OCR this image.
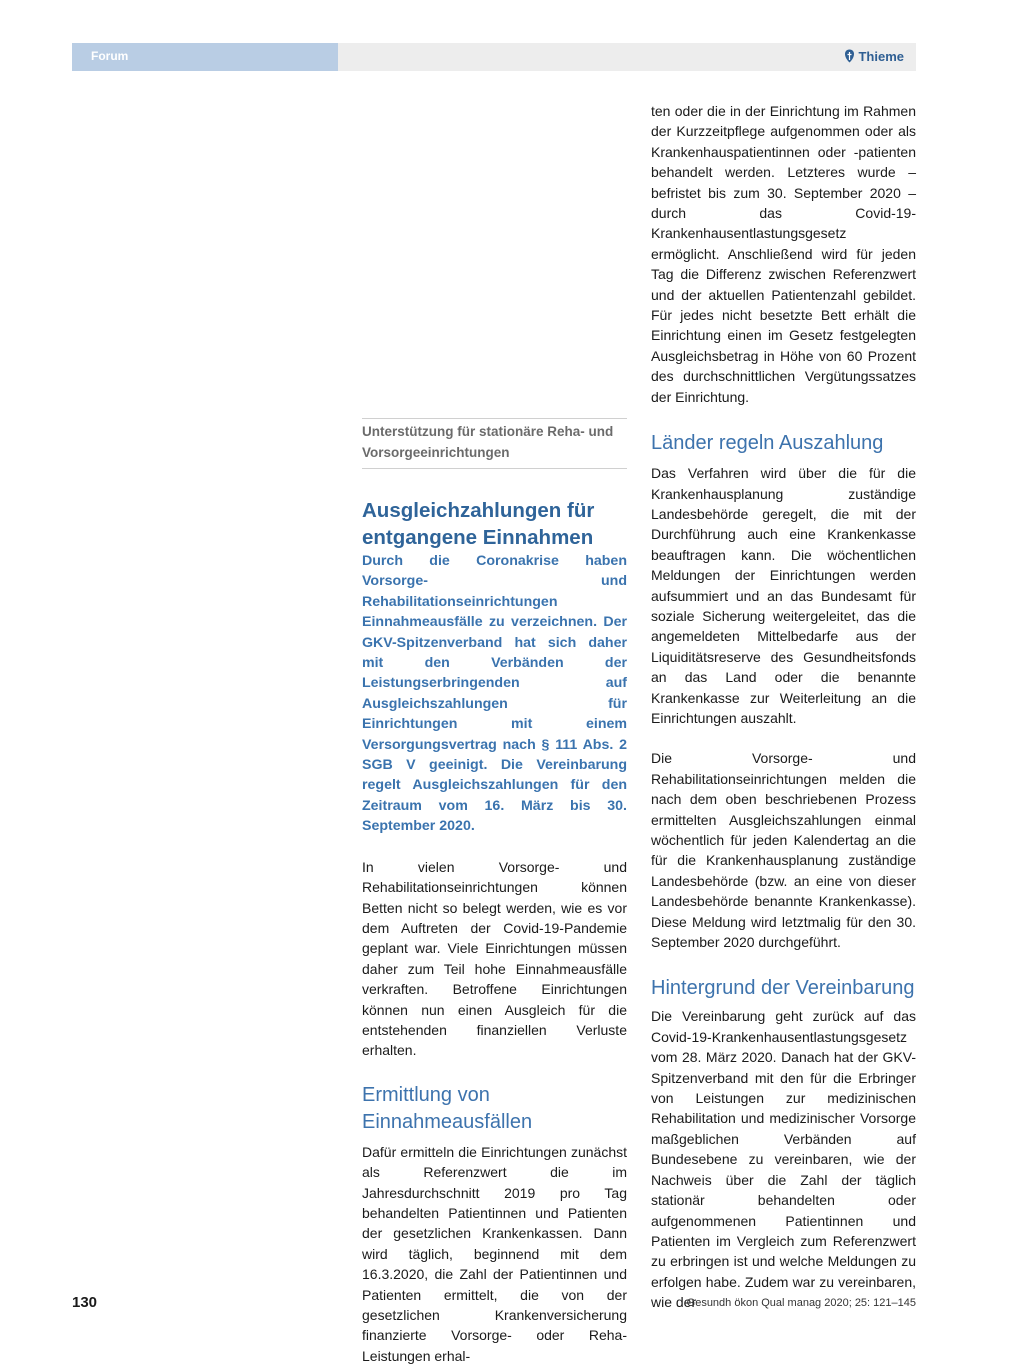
Forum	Thieme

ten oder die in der Einrichtung im Rahmen der Kurzzeitpflege aufgenommen oder als Krankenhauspatientinnen oder -patienten behandelt werden. Letzteres wurde – befristet bis zum 30. September 2020 – durch das Covid-19-Krankenhausentlastungsgesetz ermöglicht. Anschließend wird für jeden Tag die Differenz zwischen Referenzwert und der aktuellen Patientenzahl gebildet. Für jedes nicht besetzte Bett erhält die Einrichtung einen im Gesetz festgelegten Ausgleichsbetrag in Höhe von 60 Prozent des durchschnittlichen Vergütungssatzes der Einrichtung.

Länder regeln Auszahlung

Das Verfahren wird über die für die Krankenhausplanung zuständige Landesbehörde geregelt, die mit der Durchführung auch eine Krankenkasse beauftragen kann. Die wöchentlichen Meldungen der Einrichtungen werden aufsummiert und an das Bundesamt für soziale Sicherung weitergeleitet, das die angemeldeten Mittelbedarfe aus der Liquiditätsreserve des Gesundheitsfonds an das Land oder die benannte Krankenkasse zur Weiterleitung an die Einrichtungen auszahlt.

Die Vorsorge- und Rehabilitationseinrichtungen melden die nach dem oben beschriebenen Prozess ermittelten Ausgleichszahlungen einmal wöchentlich für jeden Kalendertag an die für die Krankenhausplanung zuständige Landesbehörde (bzw. an eine von dieser Landesbehörde benannte Krankenkasse). Diese Meldung wird letztmalig für den 30. September 2020 durchgeführt.

Hintergrund der Vereinbarung

Die Vereinbarung geht zurück auf das Covid-19-Krankenhausentlastungsgesetz vom 28. März 2020. Danach hat der GKV-Spitzenverband mit den für die Erbringer von Leistungen zur medizinischen Rehabilitation und medizinischer Vorsorge maßgeblichen Verbänden auf Bundesebene zu vereinbaren, wie der Nachweis über die Zahl der täglich stationär behandelten oder aufgenommenen Patientinnen und Patienten im Vergleich zum Referenzwert zu erbringen ist und welche Meldungen zu erfolgen habe. Zudem war zu vereinbaren, wie der

Unterstützung für stationäre Reha- und Vorsorgeeinrichtungen
Ausgleichzahlungen für entgangene Einnahmen

Durch die Coronakrise haben Vorsorge- und Rehabilitationseinrichtungen Einnahmeausfälle zu verzeichnen. Der GKV-Spitzenverband hat sich daher mit den Verbänden der Leistungserbringenden auf Ausgleichszahlungen für Einrichtungen mit einem Versorgungsvertrag nach § 111 Abs. 2 SGB V geeinigt. Die Vereinbarung regelt Ausgleichszahlungen für den Zeitraum vom 16. März bis 30. September 2020.

In vielen Vorsorge- und Rehabilitationseinrichtungen können Betten nicht so belegt werden, wie es vor dem Auftreten der Covid-19-Pandemie geplant war. Viele Einrichtungen müssen daher zum Teil hohe Einnahmeausfälle verkraften. Betroffene Einrichtungen können nun einen Ausgleich für die entstehenden finanziellen Verluste erhalten.

Ermittlung von Einnahmeausfällen

Dafür ermitteln die Einrichtungen zunächst als Referenzwert die im Jahresdurchschnitt 2019 pro Tag behandelten Patientinnen und Patienten der gesetzlichen Krankenkassen. Dann wird täglich, beginnend mit dem 16.3.2020, die Zahl der Patientinnen und Patienten ermittelt, die von der gesetzlichen Krankenversicherung finanzierte Vorsorge- oder Reha-Leistungen erhal-

130	Gesundh ökon Qual manag 2020; 25: 121–145
